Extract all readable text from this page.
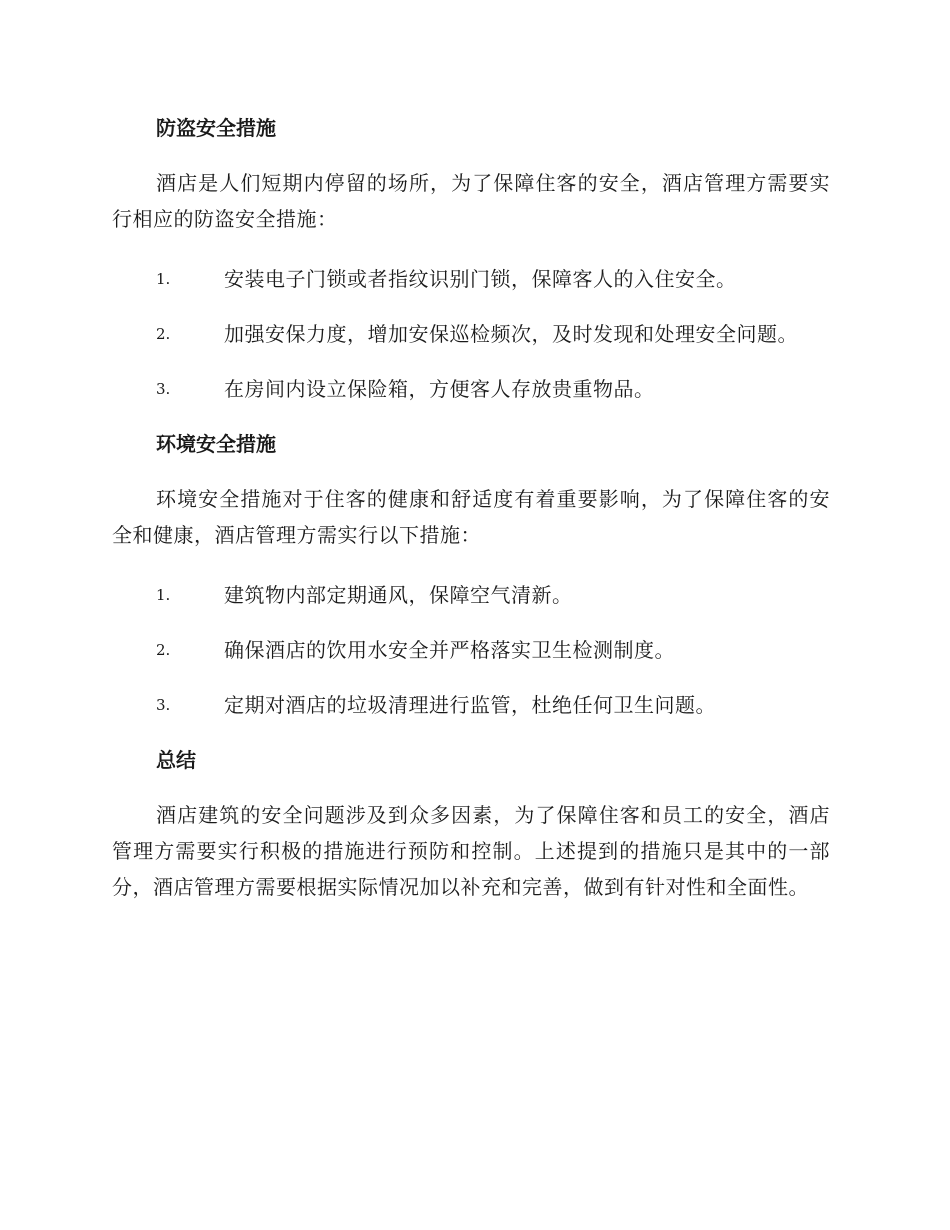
防盗安全措施

酒店是人们短期内停留的场所，为了保障住客的安全，酒店管理方需要实行相应的防盗安全措施：

1.	安装电子门锁或者指纹识别门锁，保障客人的入住安全。
2.	加强安保力度，增加安保巡检频次，及时发现和处理安全问题。
3.	在房间内设立保险箱，方便客人存放贵重物品。
环境安全措施

环境安全措施对于住客的健康和舒适度有着重要影响，为了保障住客的安全和健康，酒店管理方需实行以下措施：

1.	建筑物内部定期通风，保障空气清新。
2.	确保酒店的饮用水安全并严格落实卫生检测制度。
3.	定期对酒店的垃圾清理进行监管，杜绝任何卫生问题。
总结

酒店建筑的安全问题涉及到众多因素，为了保障住客和员工的安全，酒店管理方需要实行积极的措施进行预防和控制。上述提到的措施只是其中的一部分，酒店管理方需要根据实际情况加以补充和完善，做到有针对性和全面性。
